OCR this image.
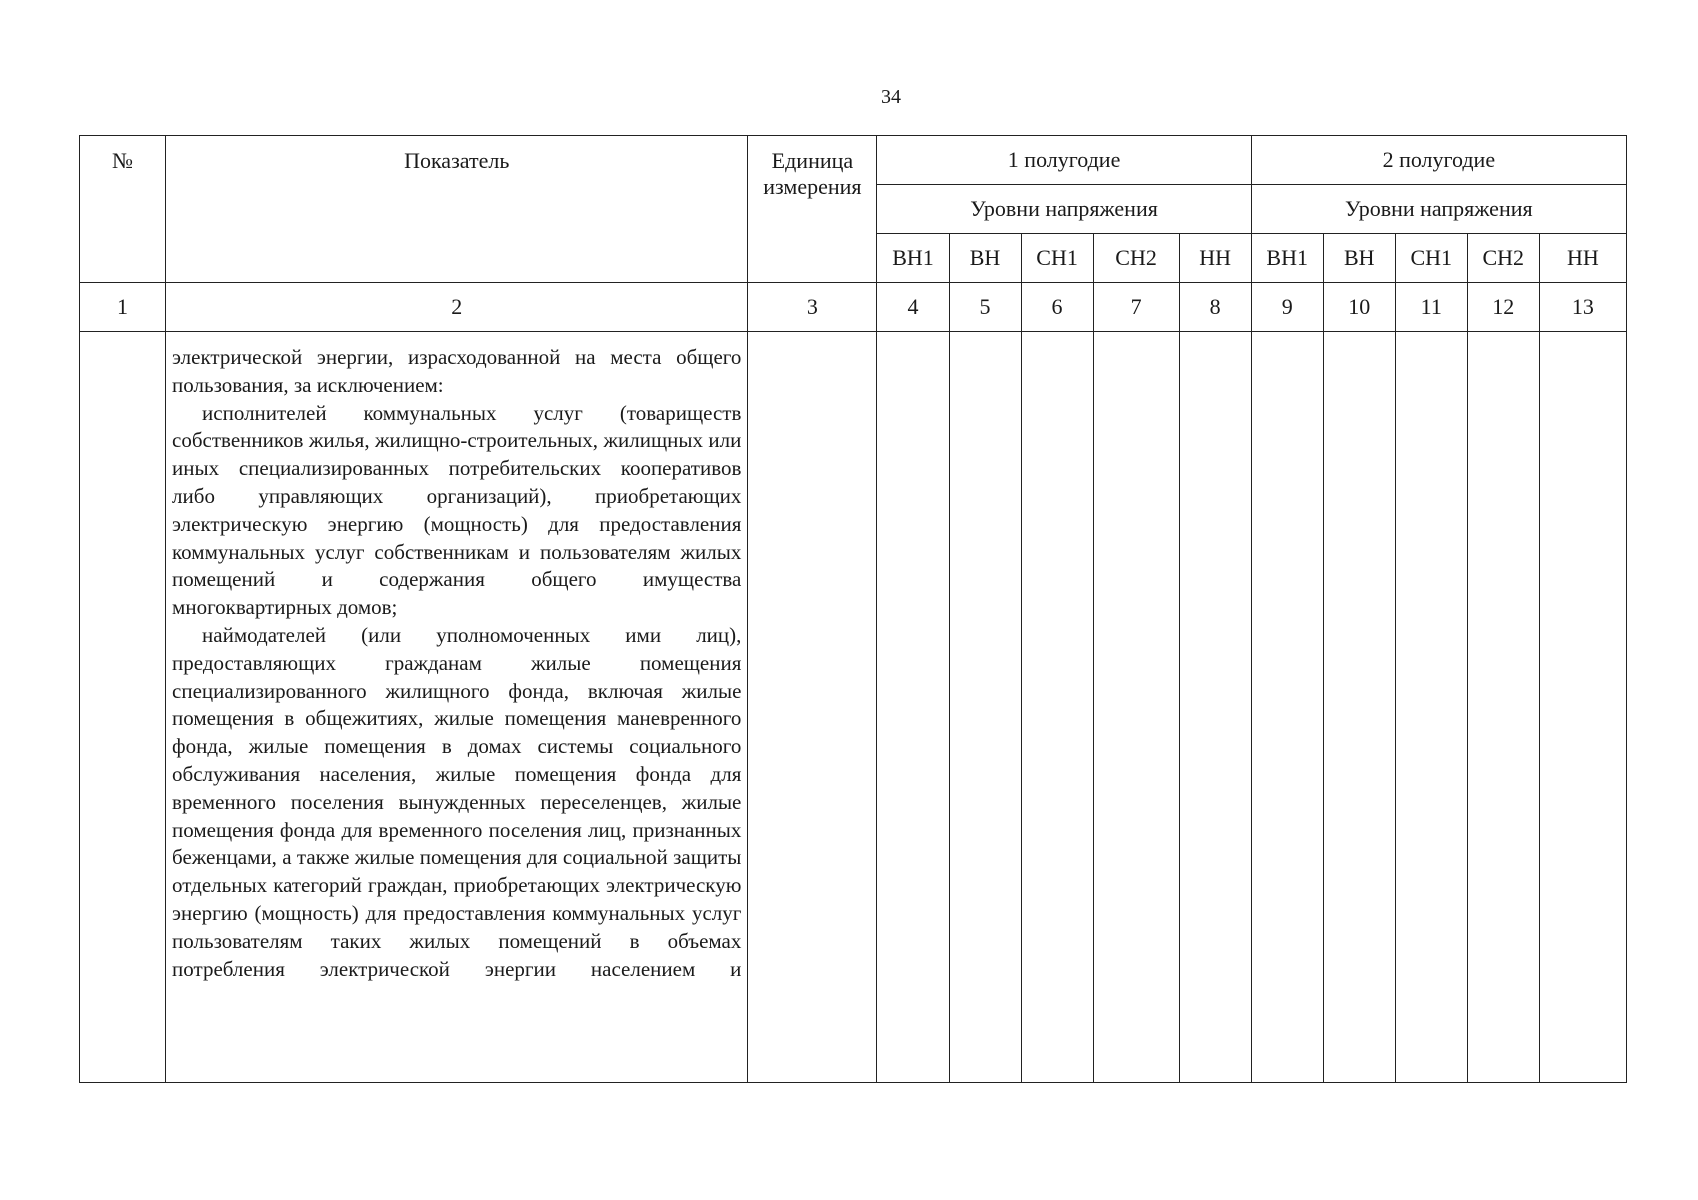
34
№	Показатель	Единица измерения	1 полугодие					2 полугодие				
			Уровни напряжения					Уровни напряжения				
			ВН1	ВН	СН1	СН2	НН	ВН1	ВН	СН1	СН2	НН
1	2	3	4	5	6	7	8	9	10	11	12	13

	электрической энергии, израсходованной на места общего пользования, за исключением:

исполнителей коммунальных услуг (товариществ собственников жилья, жилищно-строительных, жилищных или иных специализированных потребительских кооперативов либо управляющих организаций), приобретающих электрическую энергию (мощность) для предоставления коммунальных услуг собственникам и пользователям жилых помещений и содержания общего имущества многоквартирных домов;

наймодателей (или уполномоченных ими лиц), предоставляющих гражданам жилые помещения специализированного жилищного фонда, включая жилые помещения в общежитиях, жилые помещения маневренного фонда, жилые помещения в домах системы социального обслуживания населения, жилые помещения фонда для временного поселения вынужденных переселенцев, жилые помещения фонда для временного поселения лиц, признанных беженцами, а также жилые помещения для социальной защиты отдельных категорий граждан, приобретающих электрическую энергию (мощность) для предоставления коммунальных услуг пользователям таких жилых помещений в объемах потребления электрической энергии населением и											
